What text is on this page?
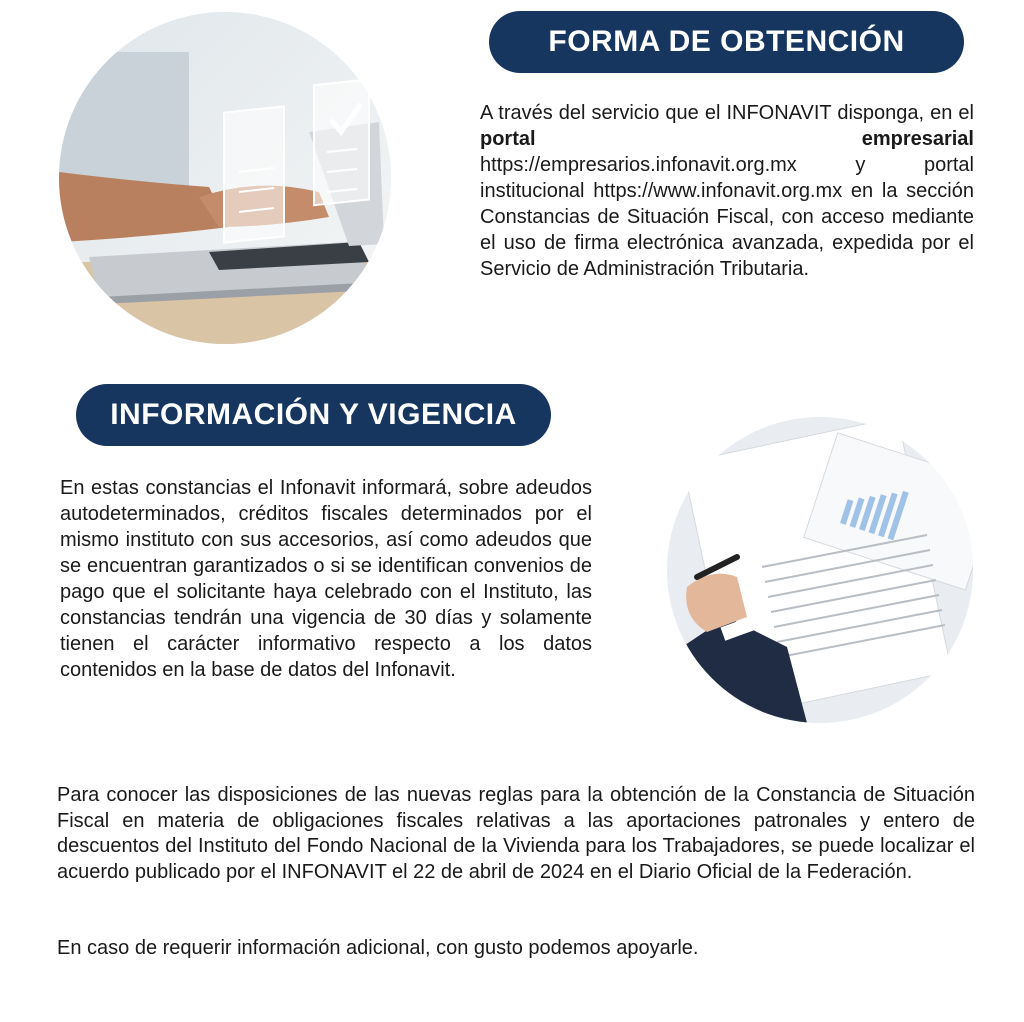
FORMA DE OBTENCIÓN

A través del servicio que el INFONAVIT disponga, en el portal empresarial https://empresarios.infonavit.org.mx y portal institucional https://www.infonavit.org.mx en la sección Constancias de Situación Fiscal, con acceso mediante el uso de firma electrónica avanzada, expedida por el Servicio de Administración Tributaria.

INFORMACIÓN Y VIGENCIA

En estas constancias el Infonavit informará, sobre adeudos autodeterminados, créditos fiscales determinados por el mismo instituto con sus accesorios, así como adeudos que se encuentran garantizados o si se identifican convenios de pago que el solicitante haya celebrado con el Instituto, las constancias tendrán una vigencia de 30 días y solamente tienen el carácter informativo respecto a los datos contenidos en la base de datos del Infonavit.

Para conocer las disposiciones de las nuevas reglas para la obtención de la Constancia de Situación Fiscal en materia de obligaciones fiscales relativas a las aportaciones patronales y entero de descuentos del Instituto del Fondo Nacional de la Vivienda para los Trabajadores, se puede localizar el acuerdo publicado por el INFONAVIT el 22 de abril de 2024 en el Diario Oficial de la Federación.

En caso de requerir información adicional, con gusto podemos apoyarle.
